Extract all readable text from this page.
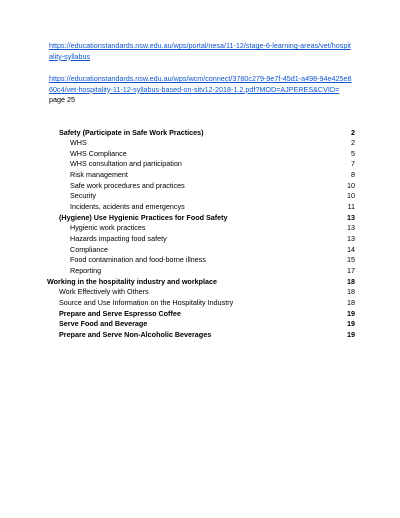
https://educationstandards.nsw.edu.au/wps/portal/nesa/11-12/stage-6-learning-areas/vet/hospit
ality-syllabus
https://educationstandards.nsw.edu.au/wps/wcm/connect/3780c279-9e7f-45d1-a498-94e425e8
60c4/vet-hospitality-11-12-syllabus-based-on-sitv12-2018-1.2.pdf?MOD=AJPERES&CVID=
page 25
Safety (Participate in Safe Work Practices)	2
WHS	2
WHS Compliance	5
WHS consultation and participation	7
Risk management	8
Safe work procedures and practices	10
Security	10
Incidents, acidents and emergencys	11
(Hygiene) Use Hygienic Practices for Food Safety	13
Hygienic work practices	13
Hazards impacting food safety	13
Compliance	14
Food contamination and food-borne illness	15
Reporting	17
Working in the hospitality industry and workplace	18
Work Effectively with Others	18
Source and Use Information on the Hospitality Industry	18
Prepare and Serve Espresso Coffee	19
Serve Food and Beverage	19
Prepare and Serve Non-Alcoholic Beverages	19
